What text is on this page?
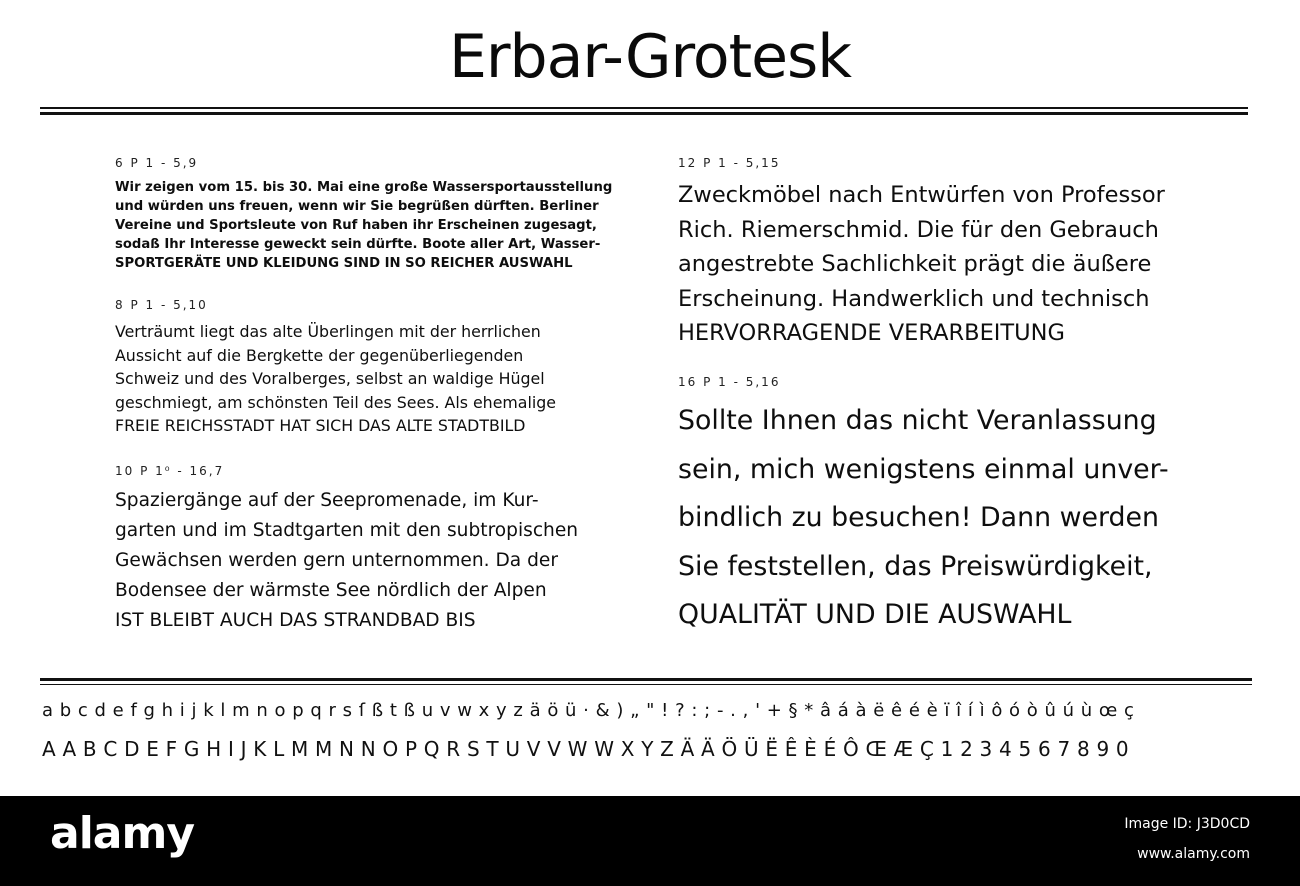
Erbar-Grotesk
6 P 1 - 5,9
Wir zeigen vom 15. bis 30. Mai eine große Wassersportausstellung
und würden uns freuen, wenn wir Sie begrüßen dürften. Berliner
Vereine und Sportsleute von Ruf haben ihr Erscheinen zugesagt,
sodaß Ihr Interesse geweckt sein dürfte. Boote aller Art, Wasser-
SPORTGERÄTE UND KLEIDUNG SIND IN SO REICHER AUSWAHL
8 P 1 - 5,10
Verträumt liegt das alte Überlingen mit der herrlichen
Aussicht auf die Bergkette der gegenüberliegenden
Schweiz und des Voralberges, selbst an waldige Hügel
geschmiegt, am schönsten Teil des Sees. Als ehemalige
FREIE REICHSSTADT HAT SICH DAS ALTE STADTBILD
10 P 1⁰ - 16,7
Spaziergänge auf der Seepromenade, im Kur-
garten und im Stadtgarten mit den subtropischen
Gewächsen werden gern unternommen. Da der
Bodensee der wärmste See nördlich der Alpen
IST BLEIBT AUCH DAS STRANDBAD BIS
12 P 1 - 5,15
Zweckmöbel nach Entwürfen von Professor
Rich. Riemerschmid. Die für den Gebrauch
angestrebte Sachlichkeit prägt die äußere
Erscheinung. Handwerklich und technisch
HERVORRAGENDE VERARBEITUNG
16 P 1 - 5,16
Sollte Ihnen das nicht Veranlassung
sein, mich wenigstens einmal unver-
bindlich zu besuchen! Dann werden
Sie feststellen, das Preiswürdigkeit,
QUALITÄT UND DIE AUSWAHL
a b c d e f g h i j k l m n o p q r s ſ ß t ß u v w x y z ä ö ü · & ) „ " ! ? : ; - . , ' + § * â á à ë ê é è ï î í ì ô ó ò û ú ù œ ç
A A B C D E F G H I J K L M M N N O P Q R S T U V V W W X Y Z Ä Ä Ö Ü Ë Ê È É Ô Œ Æ Ç 1 2 3 4 5 6 7 8 9 0
alamy	Image ID: J3D0CD
www.alamy.com
